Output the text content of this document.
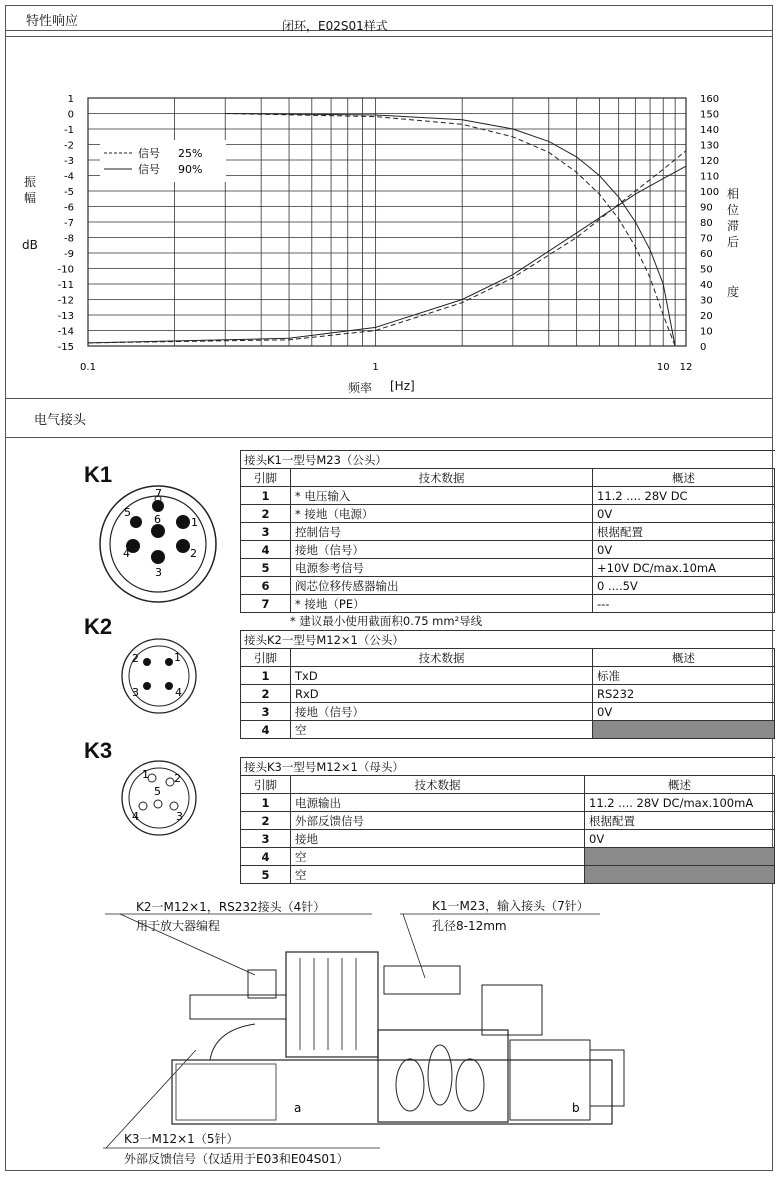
特性响应	闭环，E02S01样式
振
幅
dB
相
位
滞
后
度
频率 [Hz]
1
0
-1
-2
-3
-4
-5
-6
-7
-8
-9
-10
-11
-12
-13
-14
-15
160
150
140
130
120
110
100
90
80
70
60
50
40
30
20
10
0
0.1	1	10 12
信号 25%
信号 90%
电气接头
K1
7
5
6	1
4	2
3
接头K1一型号M23（公头）		
引脚	技术数据	概述
1	* 电压输入	11.2 .... 28V DC
2	* 接地（电源）	0V
3	控制信号	根据配置
4	接地（信号）	0V
5	电源参考信号	+10V DC/max.10mA
6	阀芯位移传感器输出	0 ....5V
7	* 接地（PE）	---
* 建议最小使用截面积0.75 mm²导线
K2
2	1
3	4
接头K2一型号M12×1（公头）		
引脚	技术数据	概述
1	TxD	标准
2	RxD	RS232
3	接地（信号）	0V
4	空	
K3
1 2
5
4	3
接头K3一型号M12×1（母头）		
引脚	技术数据	概述
1	电源输出	11.2 .... 28V DC/max.100mA
2	外部反馈信号	根据配置
3	接地	0V
4	空	
5	空	
K2一M12×1，RS232接头（4针）
用于放大器编程
K1一M23，输入接头（7针）
孔径8-12mm
K3一M12×1（5针）
外部反馈信号（仅适用于E03和E04S01）
a	b
